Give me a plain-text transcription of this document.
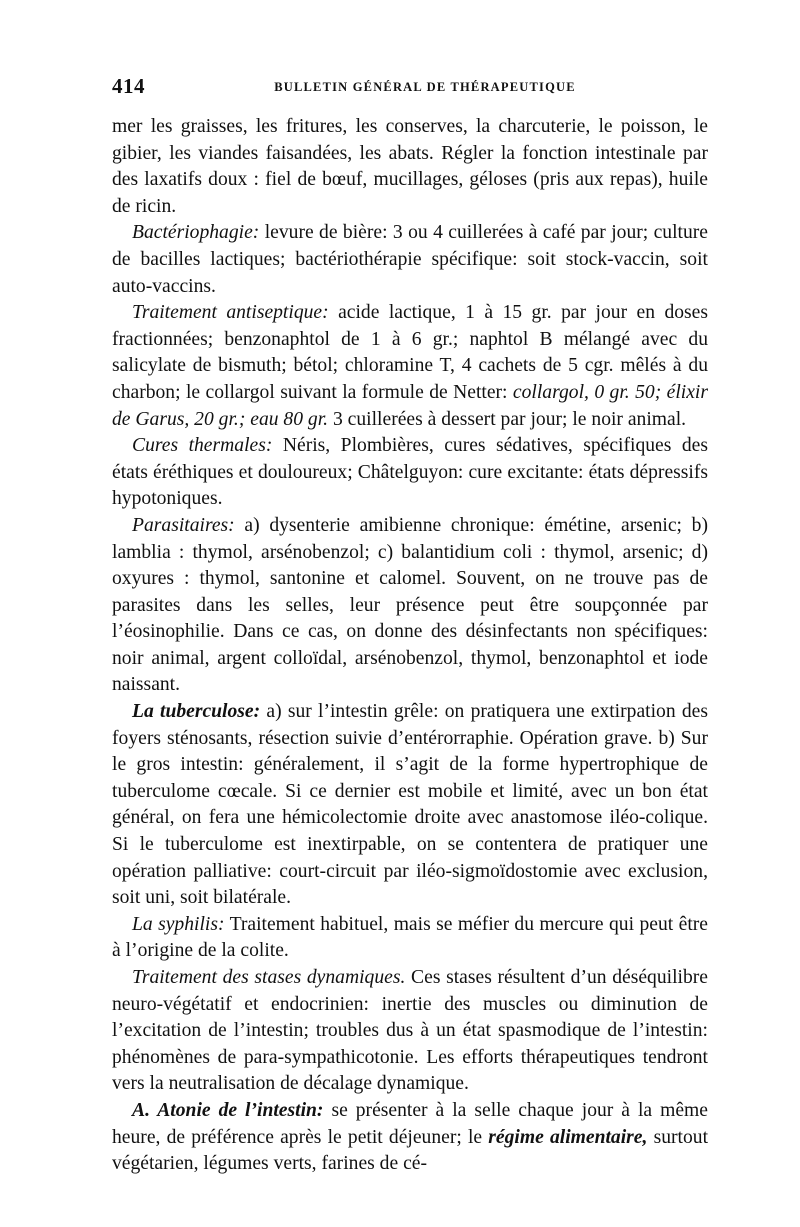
414	BULLETIN GÉNÉRAL DE THÉRAPEUTIQUE

mer les graisses, les fritures, les conserves, la charcuterie, le poisson, le gibier, les viandes faisandées, les abats. Régler la fonction intestinale par des laxatifs doux : fiel de bœuf, mucillages, géloses (pris aux repas), huile de ricin.

Bactériophagie: levure de bière: 3 ou 4 cuillerées à café par jour; culture de bacilles lactiques; bactériothérapie spécifique: soit stock-vaccin, soit auto-vaccins.

Traitement antiseptique: acide lactique, 1 à 15 gr. par jour en doses fractionnées; benzonaphtol de 1 à 6 gr.; naphtol B mélangé avec du salicylate de bismuth; bétol; chloramine T, 4 cachets de 5 cgr. mêlés à du charbon; le collargol suivant la formule de Netter: collargol, 0 gr. 50; élixir de Garus, 20 gr.; eau 80 gr. 3 cuillerées à dessert par jour; le noir animal.

Cures thermales: Néris, Plombières, cures sédatives, spécifiques des états éréthiques et douloureux; Châtelguyon: cure excitante: états dépressifs hypotoniques.

Parasitaires: a) dysenterie amibienne chronique: émétine, arsenic; b) lamblia : thymol, arsénobenzol; c) balantidium coli : thymol, arsenic; d) oxyures : thymol, santonine et calomel. Souvent, on ne trouve pas de parasites dans les selles, leur présence peut être soupçonnée par l’éosinophilie. Dans ce cas, on donne des désinfectants non spécifiques: noir animal, argent colloïdal, arsénobenzol, thymol, benzonaphtol et iode naissant.

La tuberculose: a) sur l’intestin grêle: on pratiquera une extirpation des foyers sténosants, résection suivie d’entérorraphie. Opération grave. b) Sur le gros intestin: généralement, il s’agit de la forme hypertrophique de tuberculome cœcale. Si ce dernier est mobile et limité, avec un bon état général, on fera une hémicolectomie droite avec anastomose iléo-colique. Si le tuberculome est inextirpable, on se contentera de pratiquer une opération palliative: court-circuit par iléo-sigmoïdostomie avec exclusion, soit uni, soit bilatérale.

La syphilis: Traitement habituel, mais se méfier du mercure qui peut être à l’origine de la colite.

Traitement des stases dynamiques. Ces stases résultent d’un déséquilibre neuro-végétatif et endocrinien: inertie des muscles ou diminution de l’excitation de l’intestin; troubles dus à un état spasmodique de l’intestin: phénomènes de para-sympathicotonie. Les efforts thérapeutiques tendront vers la neutralisation de décalage dynamique.

A. Atonie de l’intestin: se présenter à la selle chaque jour à la même heure, de préférence après le petit déjeuner; le régime alimentaire, surtout végétarien, légumes verts, farines de cé-
